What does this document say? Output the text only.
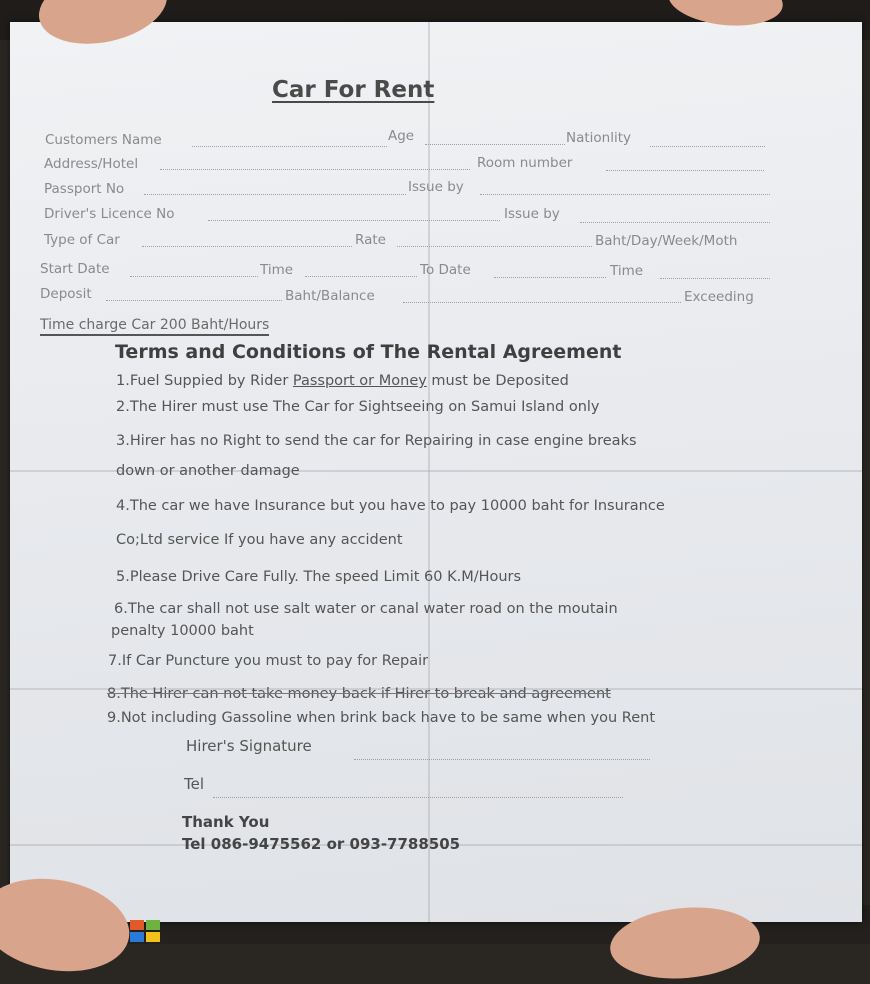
Car For Rent
Customers Name	Age	Nationlity
Address/Hotel	Room number
Passport No	Issue by
Driver's Licence No	Issue by
Type of Car	Rate	Baht/Day/Week/Moth
Start Date	Time	To Date	Time
Deposit	Baht/Balance	Exceeding
Time charge Car 200 Baht/Hours
Terms and Conditions of The Rental Agreement
1.Fuel Suppied by Rider Passport or Money must be Deposited
2.The Hirer must use The Car for Sightseeing on Samui Island only
3.Hirer has no Right to send the car for Repairing in case engine breaks
down or another damage
4.The car we have Insurance but you have to pay 10000 baht for Insurance
Co;Ltd service If you have any accident
5.Please Drive Care Fully. The speed Limit 60 K.M/Hours
6.The car shall not use salt water or canal water road on the moutain
penalty 10000 baht
7.If Car Puncture you must to pay for Repair
8.The Hirer can not take money back if Hirer to break and agreement
9.Not including Gassoline when brink back have to be same when you Rent
Hirer's Signature
Tel
Thank You
Tel 086-9475562 or 093-7788505
